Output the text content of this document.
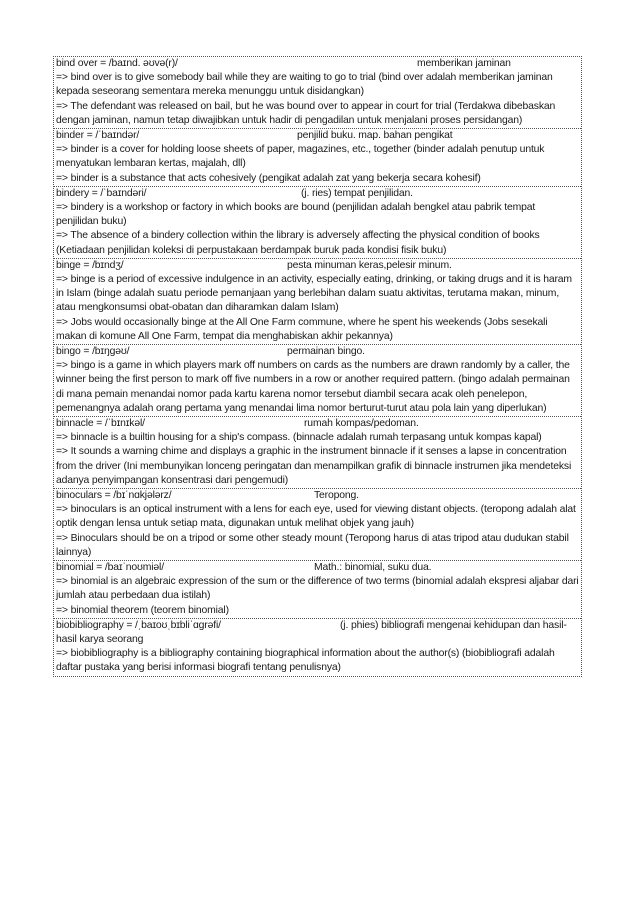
bind over = /baɪnd. əʊvə(r)/	memberikan jaminan
=> bind over is to give somebody bail while they are waiting to go to trial (bind over adalah memberikan jaminan kepada seseorang sementara mereka menunggu untuk disidangkan)
=> The defendant was released on bail, but he was bound over to appear in court for trial (Terdakwa dibebaskan dengan jaminan, namun tetap diwajibkan untuk hadir di pengadilan untuk menjalani proses persidangan)
binder = /ˈbaɪndər/	penjilid buku. map. bahan pengikat
=> binder is a cover for holding loose sheets of paper, magazines, etc., together (binder adalah penutup untuk menyatukan lembaran kertas, majalah, dll)
=> binder is a substance that acts cohesively (pengikat adalah zat yang bekerja secara kohesif)
bindery = /ˈbaɪndəri/	(j. ries) tempat penjilidan.
=> bindery is a workshop or factory in which books are bound (penjilidan adalah bengkel atau pabrik tempat penjilidan buku)
=> The absence of a bindery collection within the library is adversely affecting the physical condition of books (Ketiadaan penjilidan koleksi di perpustakaan berdampak buruk pada kondisi fisik buku)
binge = /bɪndʒ/	pesta minuman keras,pelesir minum.
=> binge is a period of excessive indulgence in an activity, especially eating, drinking, or taking drugs and it is haram in Islam (binge adalah suatu periode pemanjaan yang berlebihan dalam suatu aktivitas, terutama makan, minum, atau mengkonsumsi obat-obatan dan diharamkan dalam Islam)
=> Jobs would occasionally binge at the All One Farm commune, where he spent his weekends (Jobs sesekali makan di komune All One Farm, tempat dia menghabiskan akhir pekannya)
bingo = /bɪŋɡəʊ/	permainan bingo.
=> bingo is a game in which players mark off numbers on cards as the numbers are drawn randomly by a caller, the winner being the first person to mark off five numbers in a row or another required pattern. (bingo adalah permainan di mana pemain menandai nomor pada kartu karena nomor tersebut diambil secara acak oleh penelepon, pemenangnya adalah orang pertama yang menandai lima nomor berturut-turut atau pola lain yang diperlukan)
binnacle = /ˈbɪnɪkəl/	rumah kompas/pedoman.
=> binnacle is a builtin housing for a ship's compass. (binnacle adalah rumah terpasang untuk kompas kapal)
=> It sounds a warning chime and displays a graphic in the instrument binnacle if it senses a lapse in concentration from the driver (Ini membunyikan lonceng peringatan dan menampilkan grafik di binnacle instrumen jika mendeteksi adanya penyimpangan konsentrasi dari pengemudi)
binoculars = /bɪˈnɑkjələrz/	Teropong.
=> binoculars is an optical instrument with a lens for each eye, used for viewing distant objects. (teropong adalah alat optik dengan lensa untuk setiap mata, digunakan untuk melihat objek yang jauh)
=> Binoculars should be on a tripod or some other steady mount (Teropong harus di atas tripod atau dudukan stabil lainnya)
binomial = /baɪˈnoʊmiəl/	Math.: binomial, suku dua.
=> binomial is an algebraic expression of the sum or the difference of two terms (binomial adalah ekspresi aljabar dari jumlah atau perbedaan dua istilah)
=> binomial theorem (teorem binomial)
biobibliography = /ˌbaɪoʊˌbɪbliˈɑɡrəfi/	(j. phies) bibliografi mengenai kehidupan dan hasil-hasil karya seorang
=> biobibliography is a bibliography containing biographical information about the author(s) (biobibliografi adalah daftar pustaka yang berisi informasi biografi tentang penulisnya)
